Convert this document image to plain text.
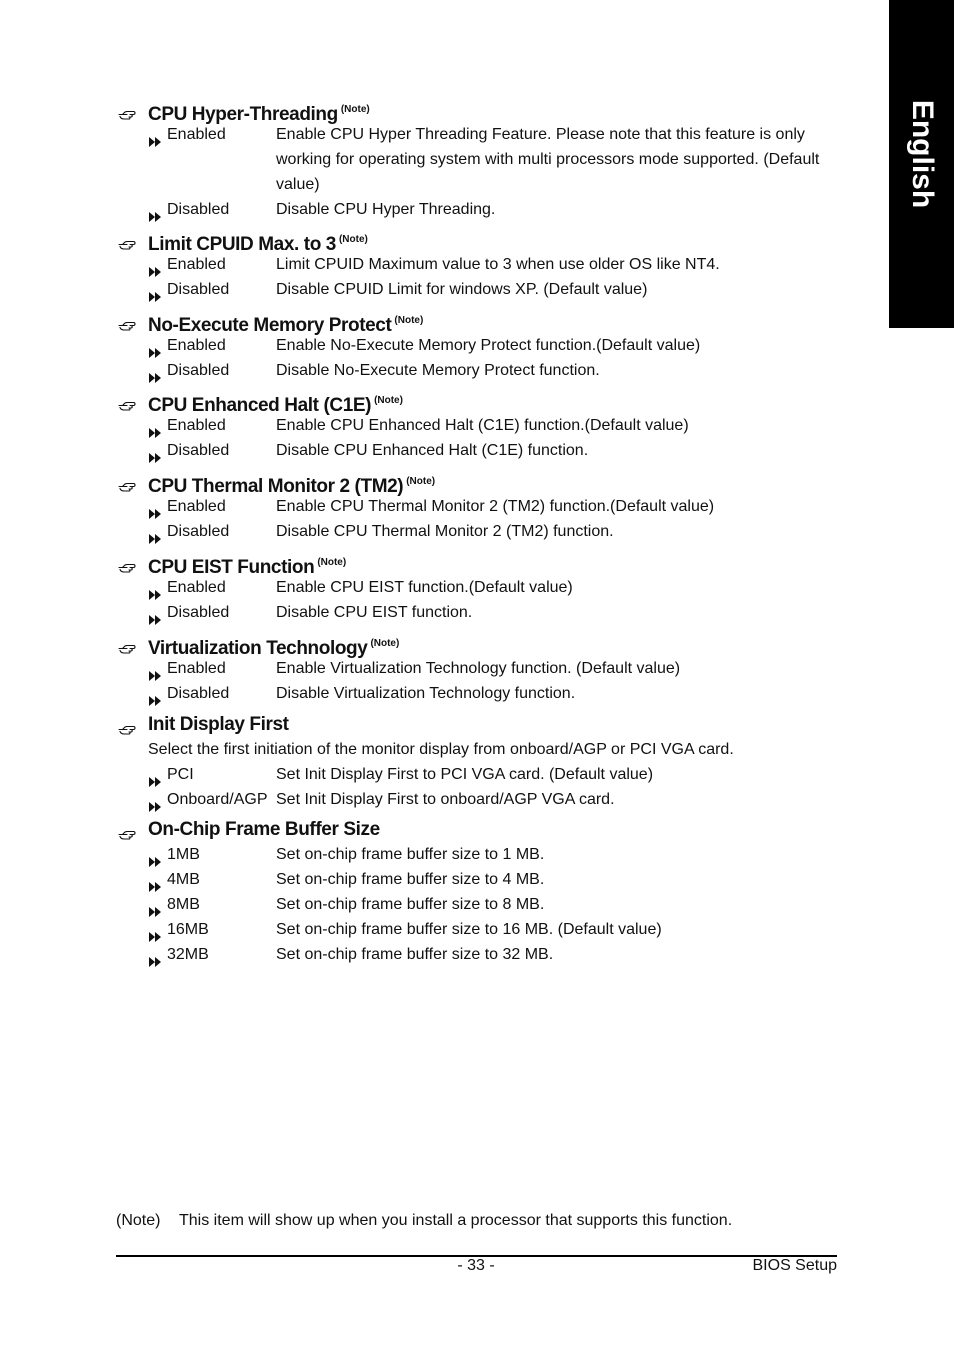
English
CPU Hyper-Threading $^{(Note)}$
Enabled	Enable CPU Hyper Threading Feature. Please note that this feature is only working for operating system with multi processors mode supported. (Default value)
Disabled	Disable CPU Hyper Threading.
Limit CPUID Max. to 3 $^{(Note)}$
Enabled	Limit CPUID Maximum value to 3 when use older OS like NT4.
Disabled	Disable CPUID Limit for windows XP. (Default value)
No-Execute Memory Protect $^{(Note)}$
Enabled	Enable No-Execute Memory Protect function.(Default value)
Disabled	Disable No-Execute Memory Protect function.
CPU Enhanced Halt (C1E) $^{(Note)}$
Enabled	Enable CPU Enhanced Halt (C1E) function.(Default value)
Disabled	Disable CPU Enhanced Halt (C1E) function.
CPU Thermal Monitor 2 (TM2) $^{(Note)}$
Enabled	Enable CPU Thermal Monitor 2 (TM2) function.(Default value)
Disabled	Disable CPU Thermal Monitor 2 (TM2) function.
CPU EIST Function $^{(Note)}$
Enabled	Enable CPU EIST function.(Default value)
Disabled	Disable CPU EIST function.
Virtualization Technology $^{(Note)}$
Enabled	Enable Virtualization Technology function. (Default value)
Disabled	Disable Virtualization Technology function.
Init Display First
Select the first initiation of the monitor display from onboard/AGP or PCI VGA card.
PCI	Set Init Display First to PCI VGA card. (Default value)
Onboard/AGP Set Init Display First to onboard/AGP VGA card.
On-Chip Frame Buffer Size
1MB	Set on-chip frame buffer size to 1 MB.
4MB	Set on-chip frame buffer size to 4 MB.
8MB	Set on-chip frame buffer size to 8 MB.
16MB	Set on-chip frame buffer size to 16 MB. (Default value)
32MB	Set on-chip frame buffer size to 32 MB.
(Note) This item will show up when you install a processor that supports this function.
- 33 -	BIOS Setup
